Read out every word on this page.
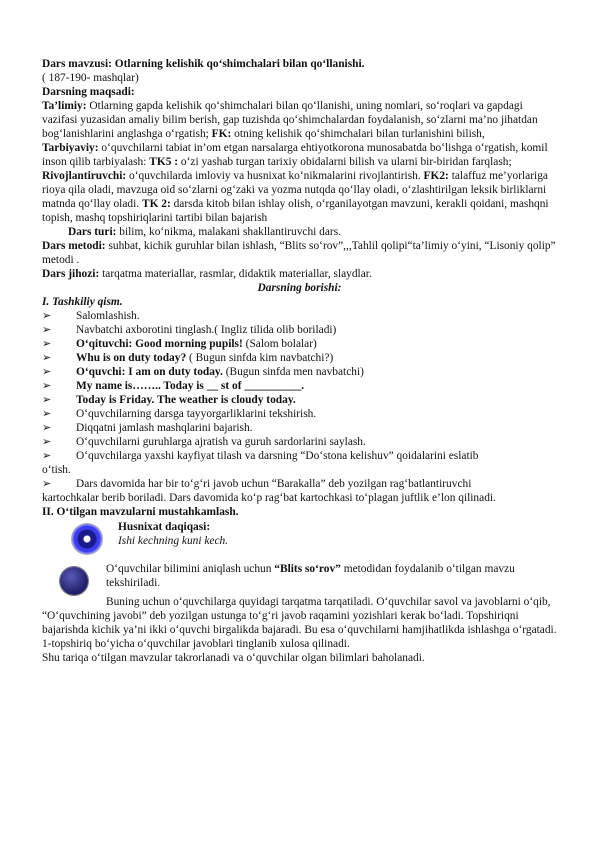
Dars mavzusi: Otlarning kelishik qo‘shimchalari bilan qo‘llanishi.

( 187-190- mashqlar)

Darsning maqsadi:

Ta’limiy: Otlarning gapda kelishik qo‘shimchalari bilan qo‘llanishi, uning nomlari, so‘roqlari va gapdagi vazifasi yuzasidan amaliy bilim berish, gap tuzishda qo‘shimchalardan foydalanish, so‘zlarni ma’no jihatdan bog‘lanishlarini anglashga o‘rgatish; FK: otning kelishik qo‘shimchalari bilan turlanishini bilish,

Tarbiyaviy: o‘quvchilarni tabiat in’om etgan narsalarga ehtiyotkorona munosabatda bo‘lishga o‘rgatish, komil inson qilib tarbiyalash: TK5 : o‘zi yashab turgan tarixiy obidalarni bilish va ularni bir-biridan farqlash;

Rivojlantiruvchi: o‘quvchilarda imloviy va husnixat ko‘nikmalarini rivojlantirish. FK2: talaffuz me’yorlariga rioya qila oladi, mavzuga oid so‘zlarni og‘zaki va yozma nutqda qo‘llay oladi, o‘zlashtirilgan leksik birliklarni matnda qo‘llay oladi. TK 2: darsda kitob bilan ishlay olish, o‘rganilayotgan mavzuni, kerakli qoidani, mashqni topish, mashq topshiriqlarini tartibi bilan bajarish

Dars turi: bilim, ko‘nikma, malakani shakllantiruvchi dars.

Dars metodi: suhbat, kichik guruhlar bilan ishlash, “Blits so‘rov”,,,Tahlil qolipi“ta’limiy o‘yini, “Lisoniy qolip” metodi .

Dars jihozi: tarqatma materiallar, rasmlar, didaktik materiallar, slaydlar.

Darsning borishi:

I. Tashkiliy qism.

➢	Salomlashish.
➢	Navbatchi axborotini tinglash.( Ingliz tilida olib boriladi)
➢	O‘qituvchi: Good morning pupils! (Salom bolalar)
➢	Whu is on duty today? ( Bugun sinfda kim navbatchi?)
➢	O‘quvchi: I am on duty today. (Bugun sinfda men navbatchi)
➢	My name is…….. Today is __ st of __________.
➢	Today is Friday. The weather is cloudy today.
➢	O‘quvchilarning darsga tayyorgarliklarini tekshirish.
➢	Diqqatni jamlash mashqlarini bajarish.
➢	O‘quvchilarni guruhlarga ajratish va guruh sardorlarini saylash.
➢	O‘quvchilarga yaxshi kayfiyat tilash va darsning “Do‘stona kelishuv” qoidalarini eslatib

o‘tish.

➢	Dars davomida har bir to‘g‘ri javob uchun “Barakalla” deb yozilgan rag‘batlantiruvchi

kartochkalar berib boriladi. Dars davomida ko‘p rag‘bat kartochkasi to‘plagan juftlik e’lon qilinadi.

II. O‘tilgan mavzularni mustahkamlash.

Husnixat daqiqasi:

Ishi kechning kuni kech.

O‘quvchilar bilimini aniqlash uchun “Blits so‘rov” metodidan foydalanib o‘tilgan mavzu tekshiriladi.

Buning uchun o‘quvchilarga quyidagi tarqatma tarqatiladi. O‘quvchilar savol va javoblarni o‘qib, “O‘quvchining javobi” deb yozilgan ustunga to‘g‘ri javob raqamini yozishlari kerak bo‘ladi. Topshiriqni bajarishda kichik ya’ni ikki o‘quvchi birgalikda bajaradi. Bu esa o‘quvchilarni hamjihatlikda ishlashga o‘rgatadi.

1-topshiriq bo‘yicha o‘quvchilar javoblari tinglanib xulosa qilinadi.

Shu tariqa o‘tilgan mavzular takrorlanadi va o‘quvchilar olgan bilimlari baholanadi.
